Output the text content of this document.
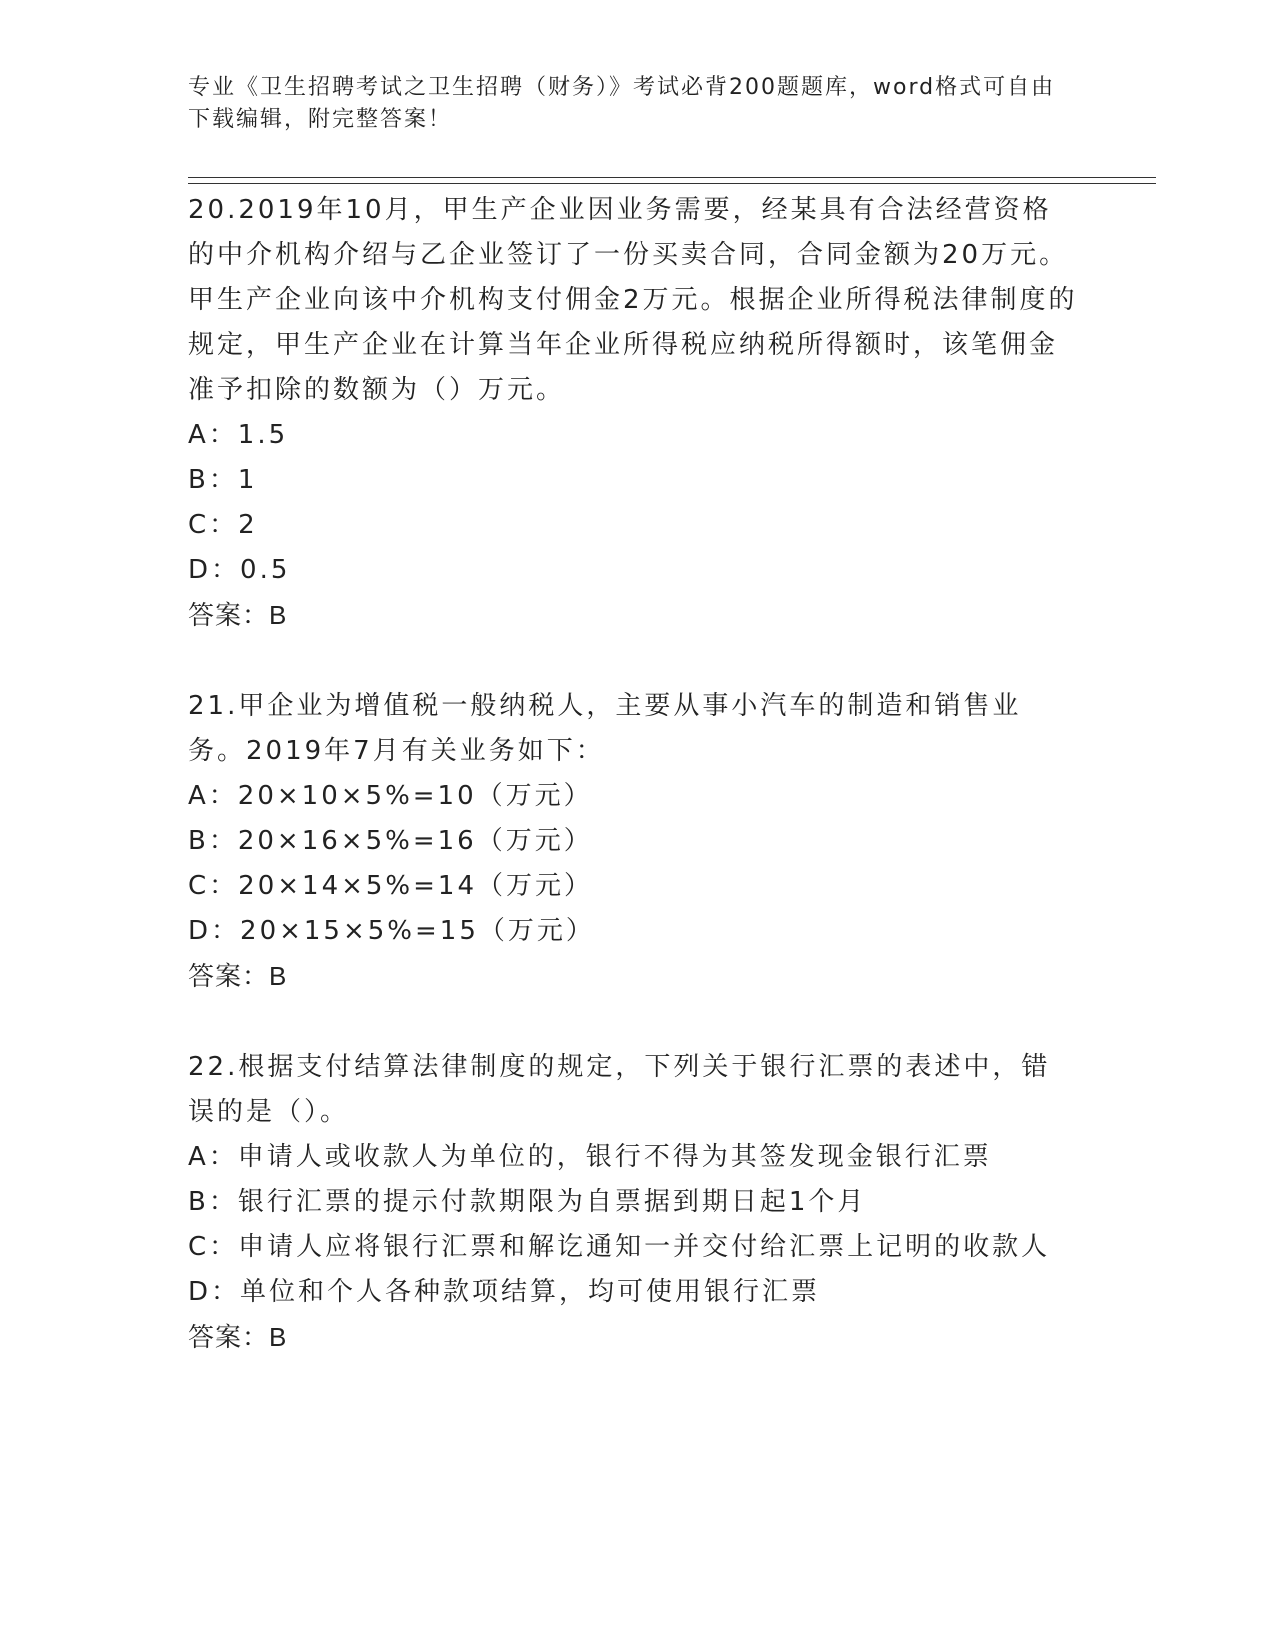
专业《卫生招聘考试之卫生招聘（财务）》考试必背200题题库，word格式可自由下载编辑，附完整答案！

20.2019年10月，甲生产企业因业务需要，经某具有合法经营资格的中介机构介绍与乙企业签订了一份买卖合同，合同金额为20万元。甲生产企业向该中介机构支付佣金2万元。根据企业所得税法律制度的规定，甲生产企业在计算当年企业所得税应纳税所得额时，该笔佣金准予扣除的数额为（）万元。

A：1.5

B：1

C：2

D：0.5

答案：B

21.甲企业为增值税一般纳税人，主要从事小汽车的制造和销售业务。2019年7月有关业务如下：

A：20×10×5%=10（万元）

B：20×16×5%=16（万元）

C：20×14×5%=14（万元）

D：20×15×5%=15（万元）

答案：B

22.根据支付结算法律制度的规定，下列关于银行汇票的表述中，错误的是（）。

A：申请人或收款人为单位的，银行不得为其签发现金银行汇票

B：银行汇票的提示付款期限为自票据到期日起1个月

C：申请人应将银行汇票和解讫通知一并交付给汇票上记明的收款人

D：单位和个人各种款项结算，均可使用银行汇票

答案：B
